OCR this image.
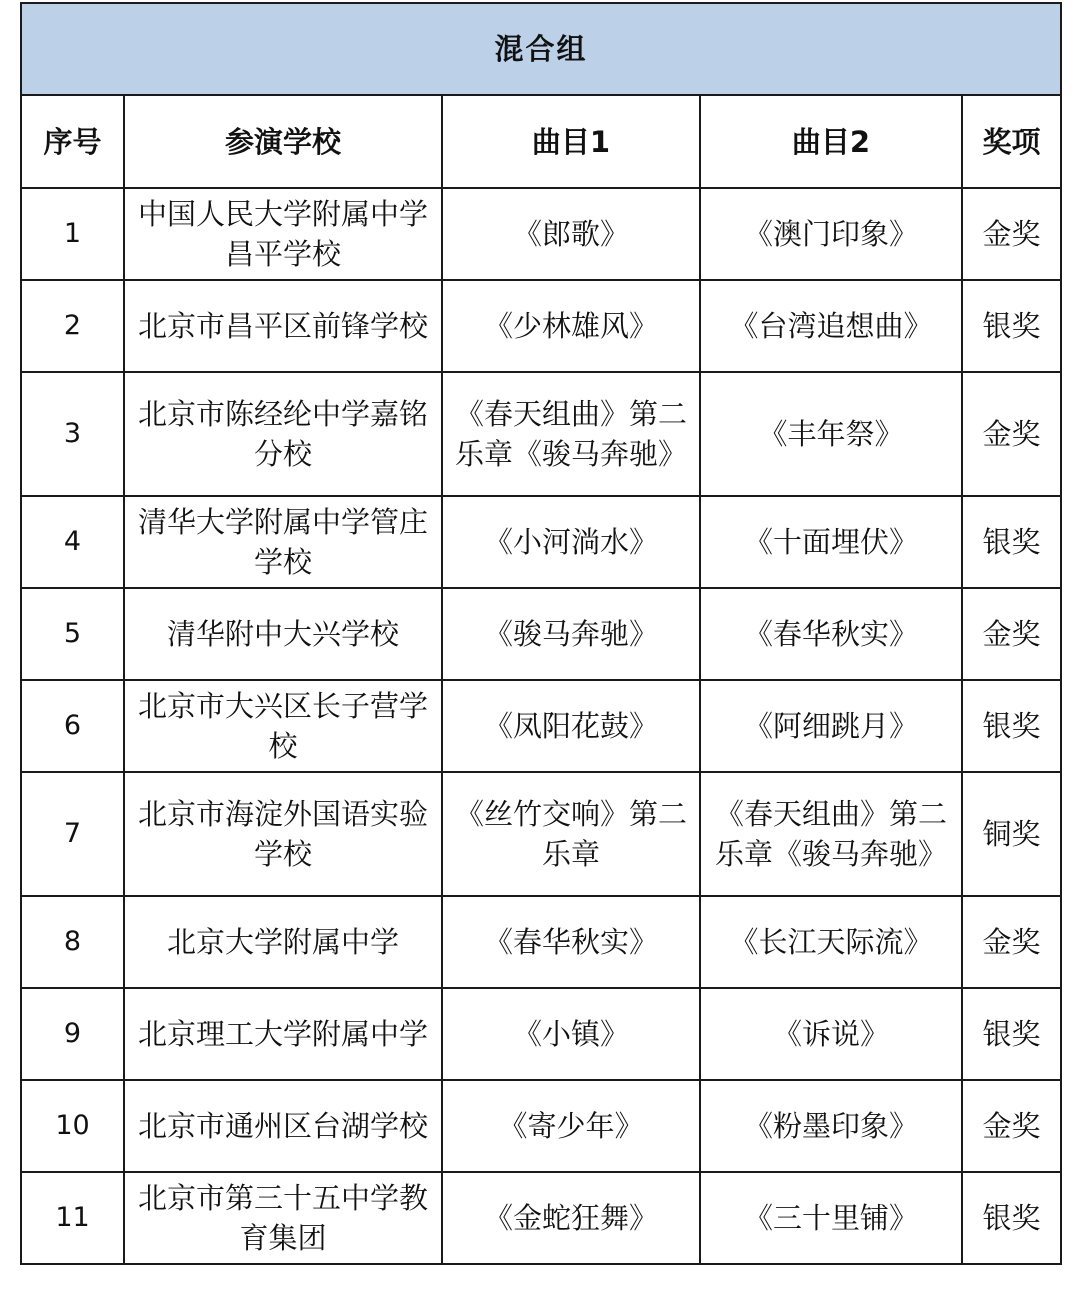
混合组				
序号	参演学校	曲目1	曲目2	奖项
1	中国人民大学附属中学昌平学校	《郎歌》	《澳门印象》	金奖
2	北京市昌平区前锋学校	《少林雄风》	《台湾追想曲》	银奖
3	北京市陈经纶中学嘉铭分校	《春天组曲》第二乐章《骏马奔驰》	《丰年祭》	金奖
4	清华大学附属中学管庄学校	《小河淌水》	《十面埋伏》	银奖
5	清华附中大兴学校	《骏马奔驰》	《春华秋实》	金奖
6	北京市大兴区长子营学校	《凤阳花鼓》	《阿细跳月》	银奖
7	北京市海淀外国语实验学校	《丝竹交响》第二乐章	《春天组曲》第二乐章《骏马奔驰》	铜奖
8	北京大学附属中学	《春华秋实》	《长江天际流》	金奖
9	北京理工大学附属中学	《小镇》	《诉说》	银奖
10	北京市通州区台湖学校	《寄少年》	《粉墨印象》	金奖
11	北京市第三十五中学教育集团	《金蛇狂舞》	《三十里铺》	银奖
